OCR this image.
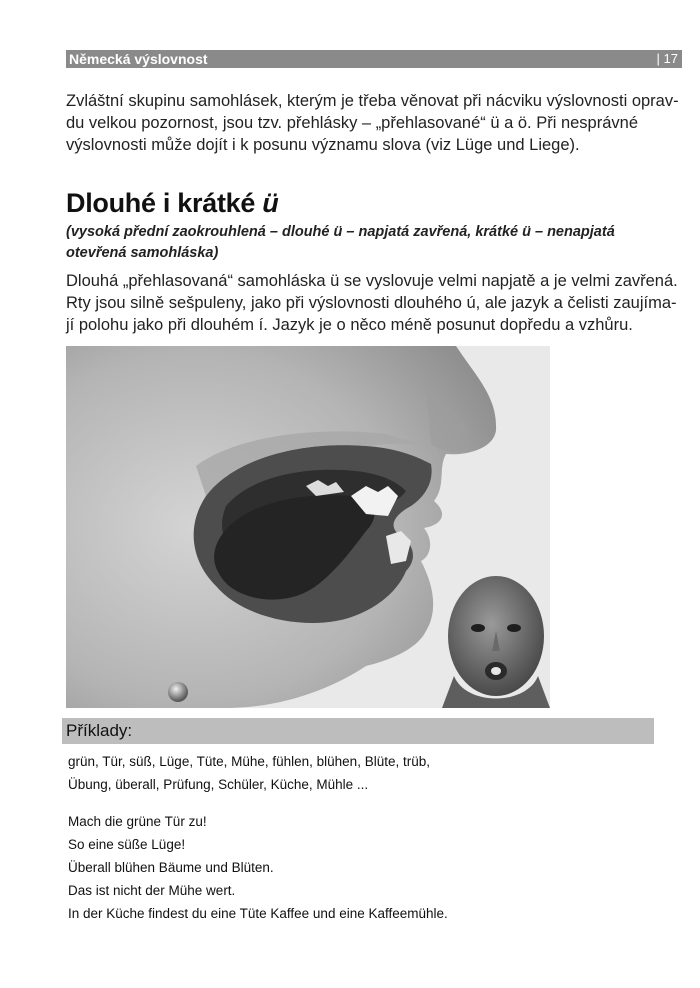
Německá výslovnost	| 17
Zvláštní skupinu samohlásek, kterým je třeba věnovat při nácviku výslovnosti oprav-
du velkou pozornost, jsou tzv. přehlásky – „přehlasované“ ü a ö. Při nesprávné
výslovnosti může dojít i k posunu významu slova (viz Lüge und Liege).
Dlouhé i krátké ü
(vysoká přední zaokrouhlená – dlouhé ü – napjatá zavřená, krátké ü – nenapjatá
otevřená samohláska)
Dlouhá „přehlasovaná“ samohláska ü se vyslovuje velmi napjatě a je velmi zavřená.
Rty jsou silně sešpuleny, jako při výslovnosti dlouhého ú, ale jazyk a čelisti zaujíma-
jí polohu jako při dlouhém í. Jazyk je o něco méně posunut dopředu a vzhůru.
Příklady:
grün, Tür, süß, Lüge, Tüte, Mühe, fühlen, blühen, Blüte, trüb,
Übung, überall, Prüfung, Schüler, Küche, Mühle ...
Mach die grüne Tür zu!
So eine süße Lüge!
Überall blühen Bäume und Blüten.
Das ist nicht der Mühe wert.
In der Küche findest du eine Tüte Kaffee und eine Kaffeemühle.
